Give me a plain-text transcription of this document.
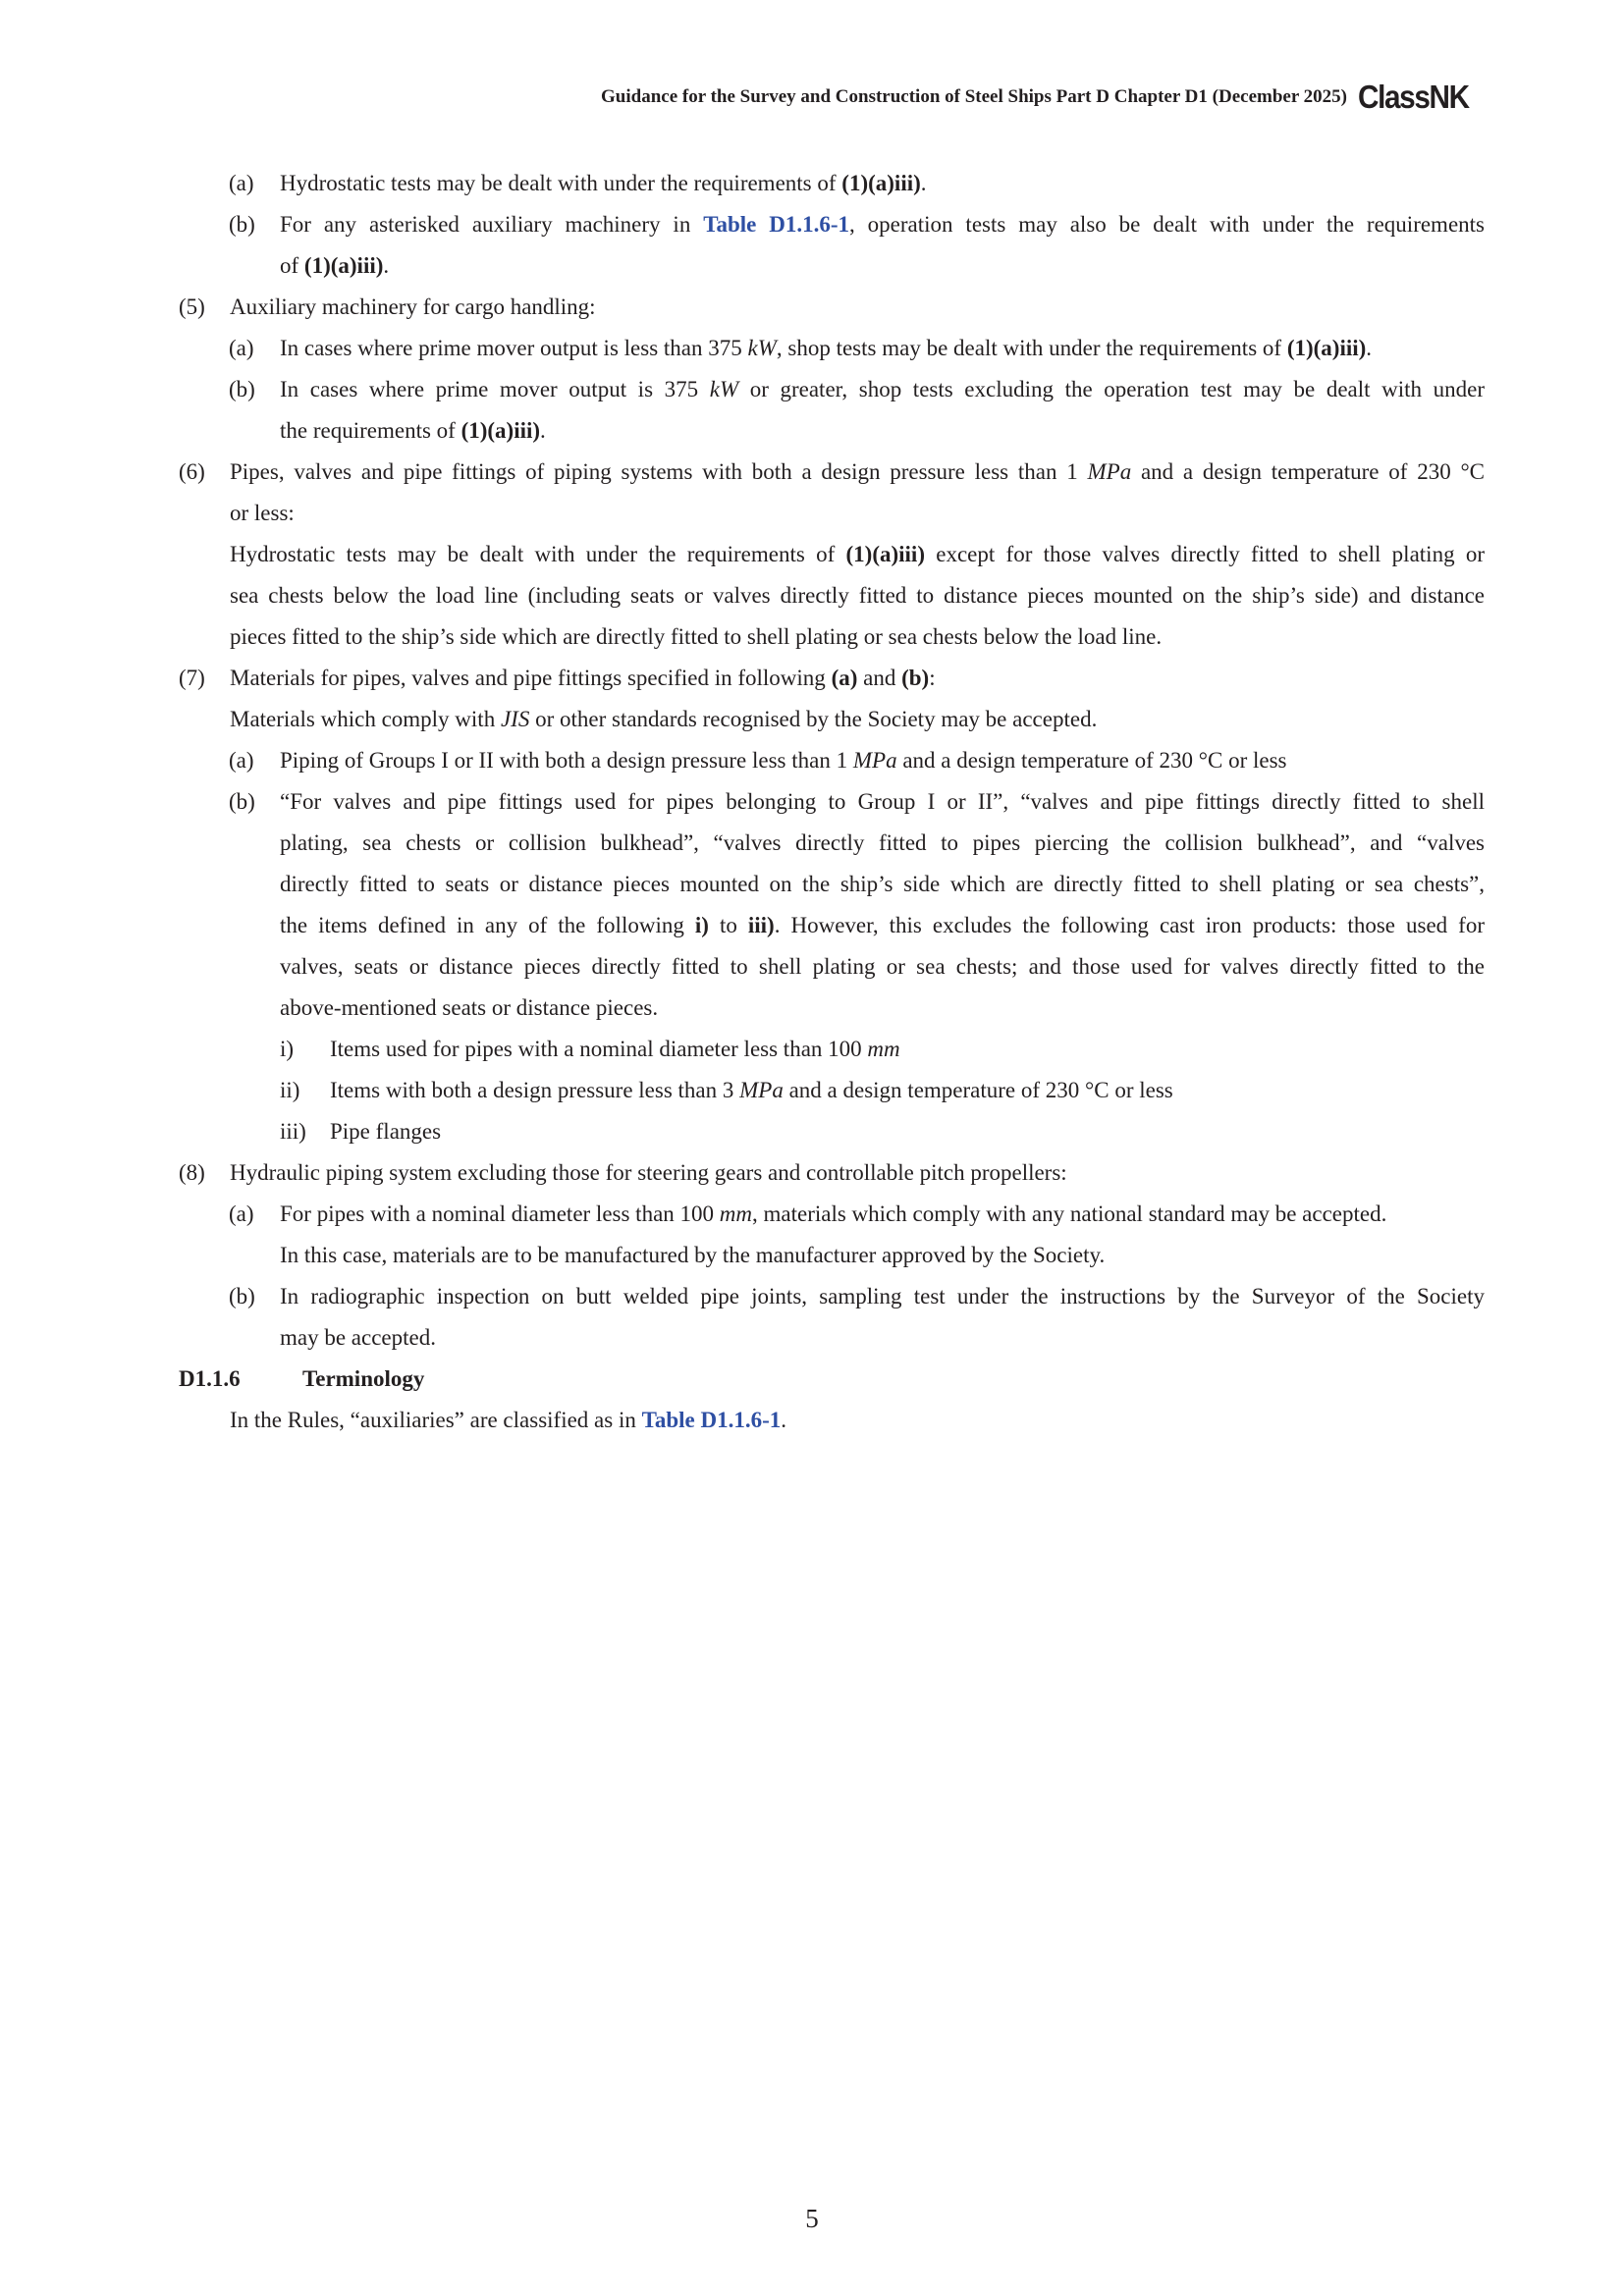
Guidance for the Survey and Construction of Steel Ships Part D Chapter D1 (December 2025) ClassNK
(a) Hydrostatic tests may be dealt with under the requirements of (1)(a)iii).
(b) For any asterisked auxiliary machinery in Table D1.1.6-1, operation tests may also be dealt with under the requirements
of (1)(a)iii).
(5) Auxiliary machinery for cargo handling:
(a) In cases where prime mover output is less than 375 kW, shop tests may be dealt with under the requirements of (1)(a)iii).
(b) In cases where prime mover output is 375 kW or greater, shop tests excluding the operation test may be dealt with under
the requirements of (1)(a)iii).
(6) Pipes, valves and pipe fittings of piping systems with both a design pressure less than 1 MPa and a design temperature of 230 °C
or less:
Hydrostatic tests may be dealt with under the requirements of (1)(a)iii) except for those valves directly fitted to shell plating or
sea chests below the load line (including seats or valves directly fitted to distance pieces mounted on the ship’s side) and distance
pieces fitted to the ship’s side which are directly fitted to shell plating or sea chests below the load line.
(7) Materials for pipes, valves and pipe fittings specified in following (a) and (b):
Materials which comply with JIS or other standards recognised by the Society may be accepted.
(a) Piping of Groups I or II with both a design pressure less than 1 MPa and a design temperature of 230 °C or less
(b) “For valves and pipe fittings used for pipes belonging to Group I or II”, “valves and pipe fittings directly fitted to shell
plating, sea chests or collision bulkhead”, “valves directly fitted to pipes piercing the collision bulkhead”, and “valves
directly fitted to seats or distance pieces mounted on the ship’s side which are directly fitted to shell plating or sea chests”,
the items defined in any of the following i) to iii). However, this excludes the following cast iron products: those used for
valves, seats or distance pieces directly fitted to shell plating or sea chests; and those used for valves directly fitted to the
above-mentioned seats or distance pieces.
i) Items used for pipes with a nominal diameter less than 100 mm
ii) Items with both a design pressure less than 3 MPa and a design temperature of 230 °C or less
iii) Pipe flanges
(8) Hydraulic piping system excluding those for steering gears and controllable pitch propellers:
(a) For pipes with a nominal diameter less than 100 mm, materials which comply with any national standard may be accepted.
In this case, materials are to be manufactured by the manufacturer approved by the Society.
(b) In radiographic inspection on butt welded pipe joints, sampling test under the instructions by the Surveyor of the Society
may be accepted.
D1.1.6	Terminology
In the Rules, “auxiliaries” are classified as in Table D1.1.6-1.
5
